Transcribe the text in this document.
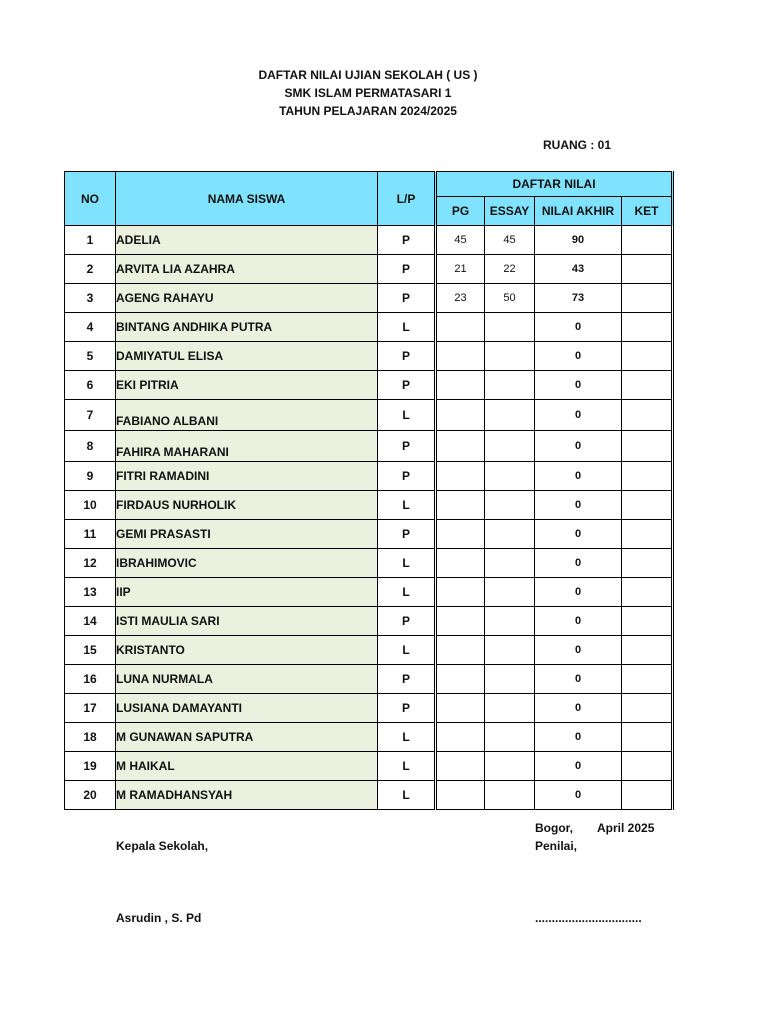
DAFTAR NILAI UJIAN SEKOLAH ( US )
SMK ISLAM PERMATASARI 1
TAHUN PELAJARAN 2024/2025
RUANG : 01
NO	NAMA SISWA	L/P	DAFTAR NILAI			
			PG	ESSAY	NILAI AKHIR	KET
1	ADELIA	P	45	45	90	
2	ARVITA LIA AZAHRA	P	21	22	43	
3	AGENG RAHAYU	P	23	50	73	
4	BINTANG ANDHIKA PUTRA	L			0	
5	DAMIYATUL ELISA	P			0	
6	EKI PITRIA	P			0	
7	FABIANO ALBANI	L			0	
8	FAHIRA MAHARANI	P			0	
9	FITRI RAMADINI	P			0	
10	FIRDAUS NURHOLIK	L			0	
11	GEMI PRASASTI	P			0	
12	IBRAHIMOVIC	L			0	
13	IIP	L			0	
14	ISTI MAULIA SARI	P			0	
15	KRISTANTO	L			0	
16	LUNA NURMALA	P			0	
17	LUSIANA DAMAYANTI	P			0	
18	M GUNAWAN SAPUTRA	L			0	
19	M HAIKAL	L			0	
20	M RAMADHANSYAH	L			0	
Bogor, April 2025
Kepala Sekolah,	Penilai,
Asrudin , S. Pd	................................
